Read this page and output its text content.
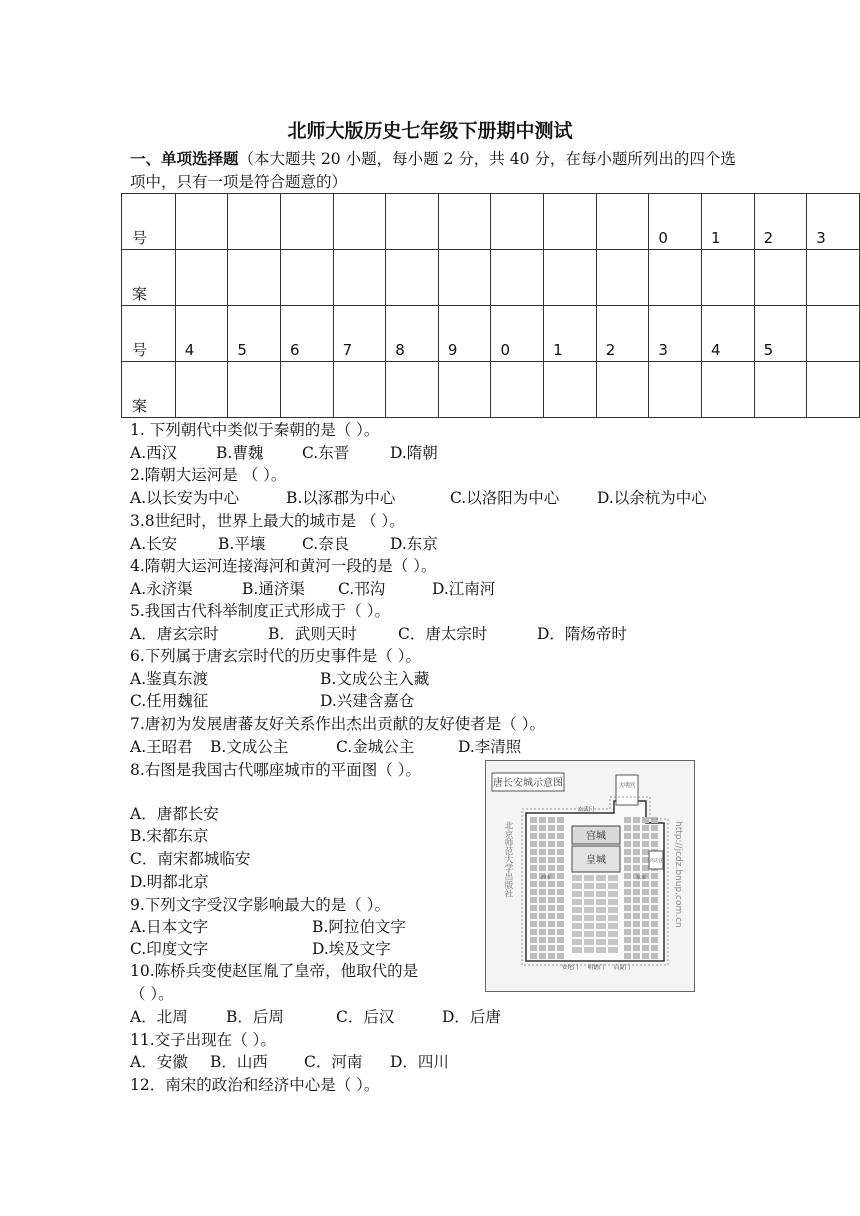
北师大版历史七年级下册期中测试
一、单项选择题（本大题共 20 小题，每小题 2 分，共 40 分，在每小题所列出的四个选项中，只有一项是符合题意的）
号										0	1	2	3
案													
号	4	5	6	7	8	9	0	1	2	3	4	5	
案													
1. 下列朝代中类似于秦朝的是（ ）。
A.西汉	B.曹魏 C.东晋	D.隋朝
2.隋朝大运河是 （ ）。
A.以长安为中心	B.以涿郡为中心	C.以洛阳为中心 D.以余杭为中心
3.8世纪时，世界上最大的城市是 （ ）。
A.长安	B.平壤 C.奈良	D.东京
4.隋朝大运河连接海河和黄河一段的是（ ）。
A.永济渠	B.通济渠 C.邗沟	D.江南河
5.我国古代科举制度正式形成于（ ）。
A．唐玄宗时	B．武则天时	C．唐太宗时	D．隋炀帝时
6.下列属于唐玄宗时代的历史事件是（ ）。
A.鉴真东渡	B.文成公主入藏
C.任用魏征	D.兴建含嘉仓
7.唐初为发展唐蕃友好关系作出杰出贡献的友好使者是（ ）。
A.王昭君 B.文成公主	C.金城公主	D.李清照
8.右图是我国古代哪座城市的平面图（ ）。
A．唐都长安
B.宋都东京
C．南宋都城临安
D.明都北京
9.下列文字受汉字影响最大的是（ ）。
A.日本文字	B.阿拉伯文字
C.印度文字	D.埃及文字
10.陈桥兵变使赵匡胤了皇帝，他取代的是
（ ）。
A．北周 B．后周	C．后汉	D．后唐
11.交子出现在（ ）。
A．安徽 B．山西 C．河南 D．四川
12．南宋的政治和经济中心是（ ）。
唐长安城示意图	大明宫
宫城
皇城	兴庆宫
西市	东市
玄武门
安化门 明德门 启夏门
北京师范大学出版社	http://jcdz.bnup.com.cn
